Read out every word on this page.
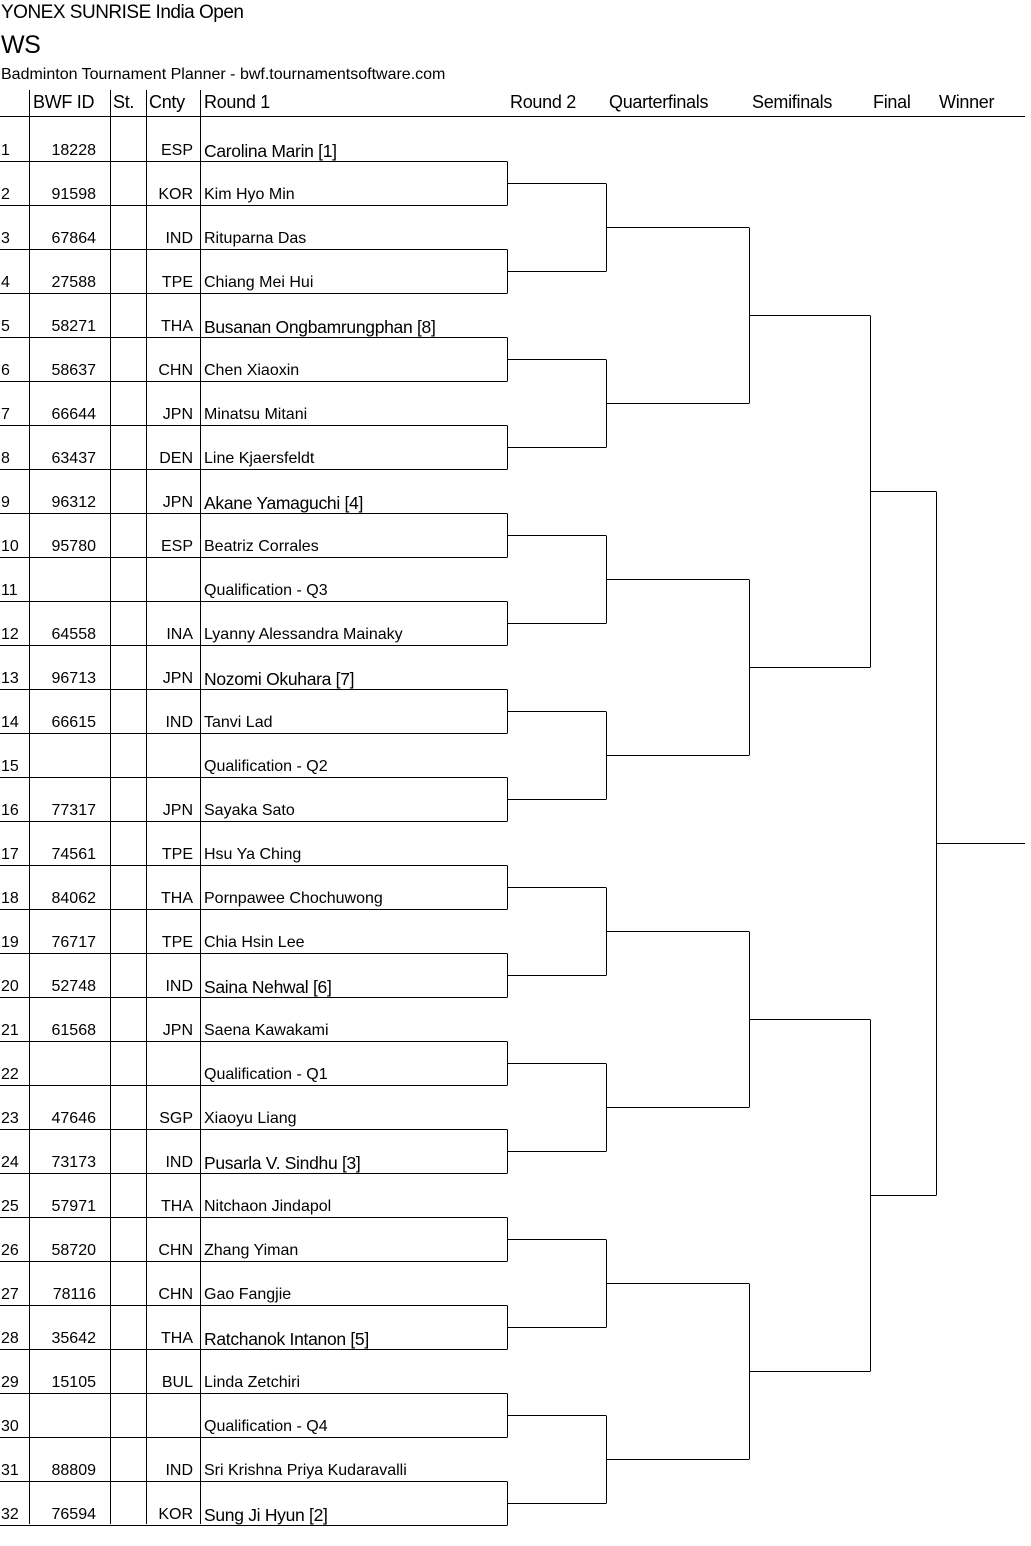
YONEX SUNRISE India Open
WS
Badminton Tournament Planner - bwf.tournamentsoftware.com
BWF ID St. Cnty Round 1	Round 2 Quarterfinals Semifinals Final Winner
1	18228	ESP Carolina Marin [1]
2	91598	KOR Kim Hyo Min
3	67864	IND Rituparna Das
4	27588	TPE Chiang Mei Hui
5	58271	THA Busanan Ongbamrungphan [8]
6	58637	CHN Chen Xiaoxin
7	66644	JPN Minatsu Mitani
8	63437	DEN Line Kjaersfeldt
9	96312	JPN Akane Yamaguchi [4]
10	95780	ESP Beatriz Corrales
11	Qualification - Q3
12	64558	INA Lyanny Alessandra Mainaky
13	96713	JPN Nozomi Okuhara [7]
14	66615	IND Tanvi Lad
15	Qualification - Q2
16	77317	JPN Sayaka Sato
17	74561	TPE Hsu Ya Ching
18	84062	THA Pornpawee Chochuwong
19	76717	TPE Chia Hsin Lee
20	52748	IND Saina Nehwal [6]
21	61568	JPN Saena Kawakami
22	Qualification - Q1
23	47646	SGP Xiaoyu Liang
24	73173	IND Pusarla V. Sindhu [3]
25	57971	THA Nitchaon Jindapol
26	58720	CHN Zhang Yiman
27	78116	CHN Gao Fangjie
28	35642	THA Ratchanok Intanon [5]
29	15105	BUL Linda Zetchiri
30	Qualification - Q4
31	88809	IND Sri Krishna Priya Kudaravalli
32	76594	KOR Sung Ji Hyun [2]
